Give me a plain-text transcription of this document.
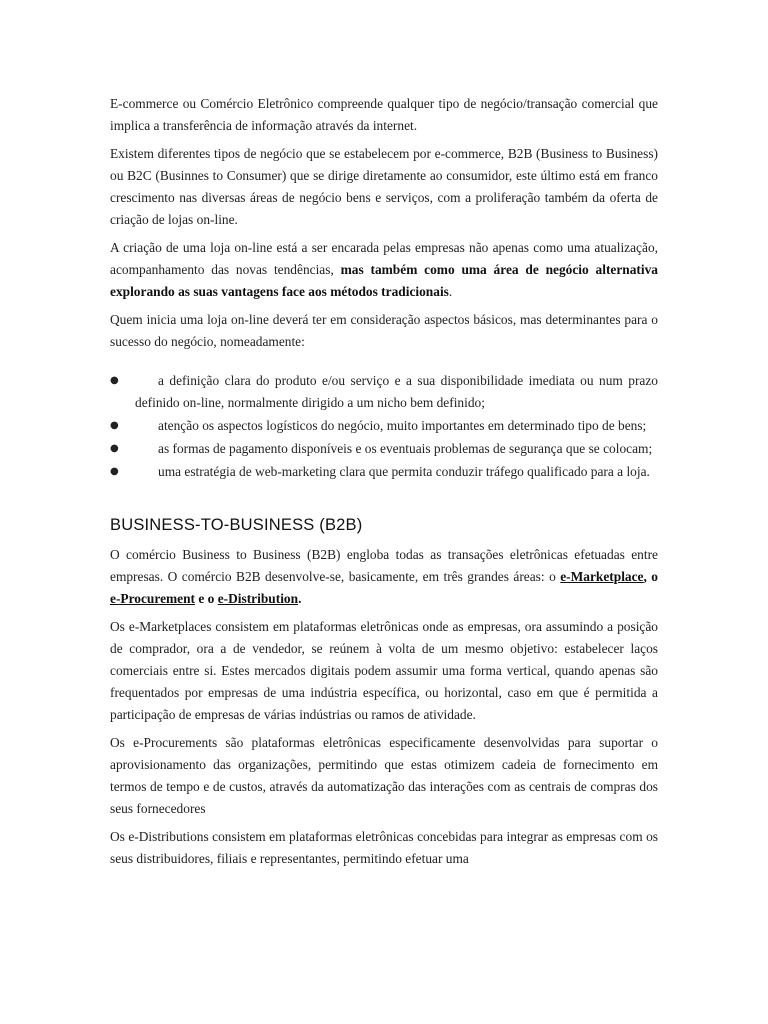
E-commerce ou Comércio Eletrônico compreende qualquer tipo de negócio/transação comercial que implica a transferência de informação através da internet.

Existem diferentes tipos de negócio que se estabelecem por e-commerce, B2B (Business to Business) ou B2C (Businnes to Consumer) que se dirige diretamente ao consumidor, este último está em franco crescimento nas diversas áreas de negócio bens e serviços, com a proliferação também da oferta de criação de lojas on-line.

A criação de uma loja on-line está a ser encarada pelas empresas não apenas como uma atualização, acompanhamento das novas tendências, mas também como uma área de negócio alternativa explorando as suas vantagens face aos métodos tradicionais.

Quem inicia uma loja on-line deverá ter em consideração aspectos básicos, mas determinantes para o sucesso do negócio, nomeadamente:

●	a definição clara do produto e/ou serviço e a sua disponibilidade imediata ou num prazo definido on-line, normalmente dirigido a um nicho bem definido;
●	atenção os aspectos logísticos do negócio, muito importantes em determinado tipo de bens;
●	as formas de pagamento disponíveis e os eventuais problemas de segurança que se colocam;
●	uma estratégia de web-marketing clara que permita conduzir tráfego qualificado para a loja.
BUSINESS-TO-BUSINESS (B2B)

O comércio Business to Business (B2B) engloba todas as transações eletrônicas efetuadas entre empresas. O comércio B2B desenvolve-se, basicamente, em três grandes áreas: o e-Marketplace, o e-Procurement e o e-Distribution.

Os e-Marketplaces consistem em plataformas eletrônicas onde as empresas, ora assumindo a posição de comprador, ora a de vendedor, se reúnem à volta de um mesmo objetivo: estabelecer laços comerciais entre si. Estes mercados digitais podem assumir uma forma vertical, quando apenas são frequentados por empresas de uma indústria específica, ou horizontal, caso em que é permitida a participação de empresas de várias indústrias ou ramos de atividade.

Os e-Procurements são plataformas eletrônicas especificamente desenvolvidas para suportar o aprovisionamento das organizações, permitindo que estas otimizem cadeia de fornecimento em termos de tempo e de custos, através da automatização das interações com as centrais de compras dos seus fornecedores

Os e-Distributions consistem em plataformas eletrônicas concebidas para integrar as empresas com os seus distribuidores, filiais e representantes, permitindo efetuar uma
